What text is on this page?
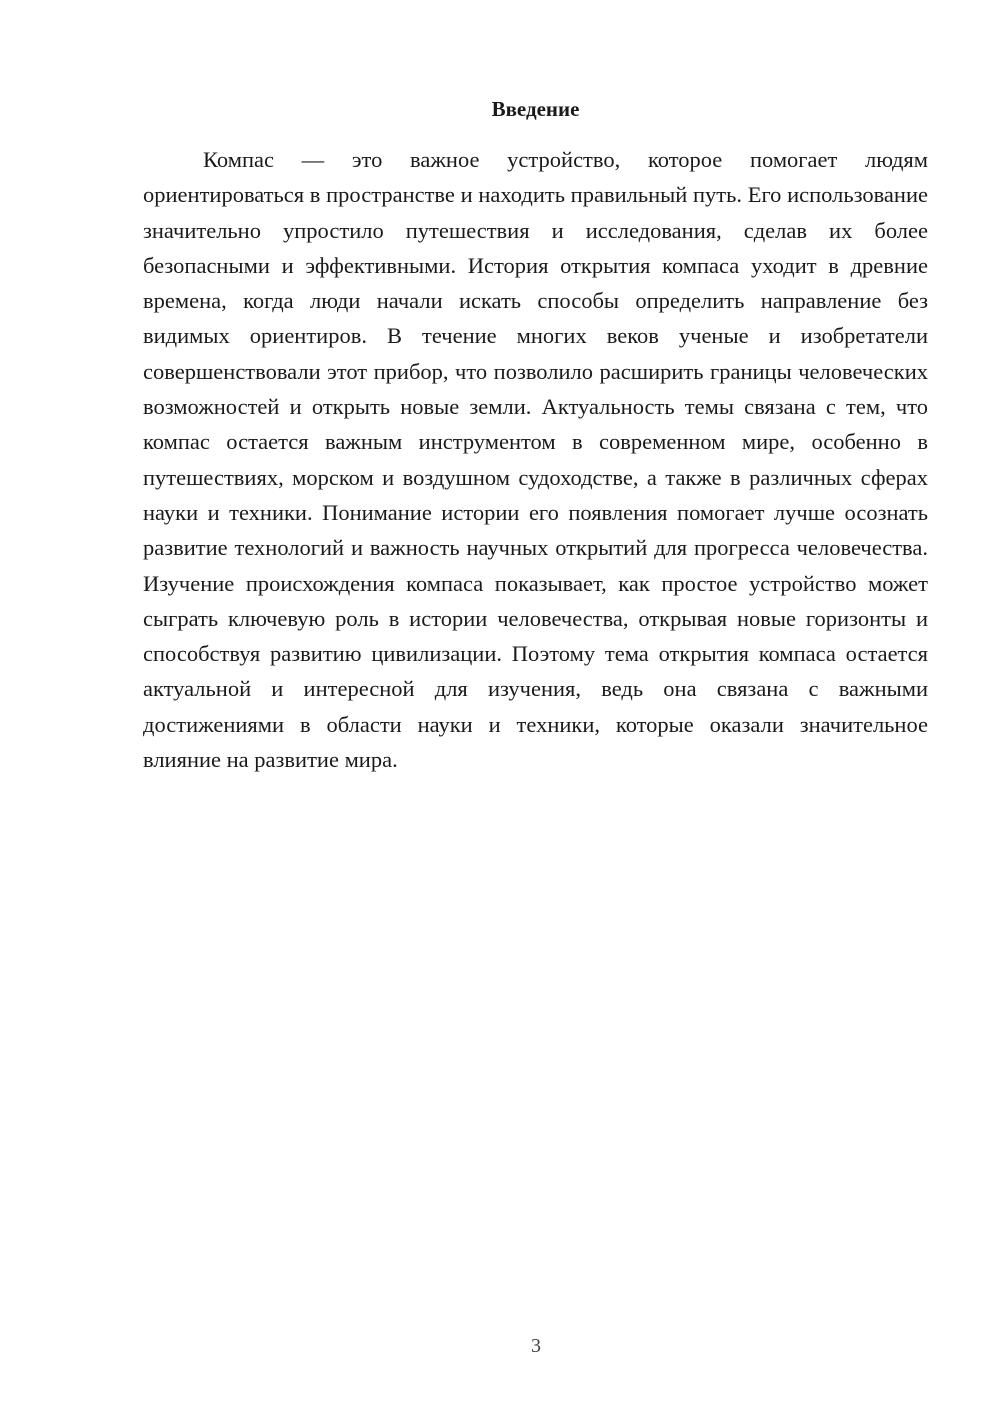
Введение

Компас — это важное устройство, которое помогает людям ориентироваться в пространстве и находить правильный путь. Его использование значительно упростило путешествия и исследования, сделав их более безопасными и эффективными. История открытия компаса уходит в древние времена, когда люди начали искать способы определить направление без видимых ориентиров. В течение многих веков ученые и изобретатели совершенствовали этот прибор, что позволило расширить границы человеческих возможностей и открыть новые земли. Актуальность темы связана с тем, что компас остается важным инструментом в современном мире, особенно в путешествиях, морском и воздушном судоходстве, а также в различных сферах науки и техники. Понимание истории его появления помогает лучше осознать развитие технологий и важность научных открытий для прогресса человечества. Изучение происхождения компаса показывает, как простое устройство может сыграть ключевую роль в истории человечества, открывая новые горизонты и способствуя развитию цивилизации. Поэтому тема открытия компаса остается актуальной и интересной для изучения, ведь она связана с важными достижениями в области науки и техники, которые оказали значительное влияние на развитие мира.

3
